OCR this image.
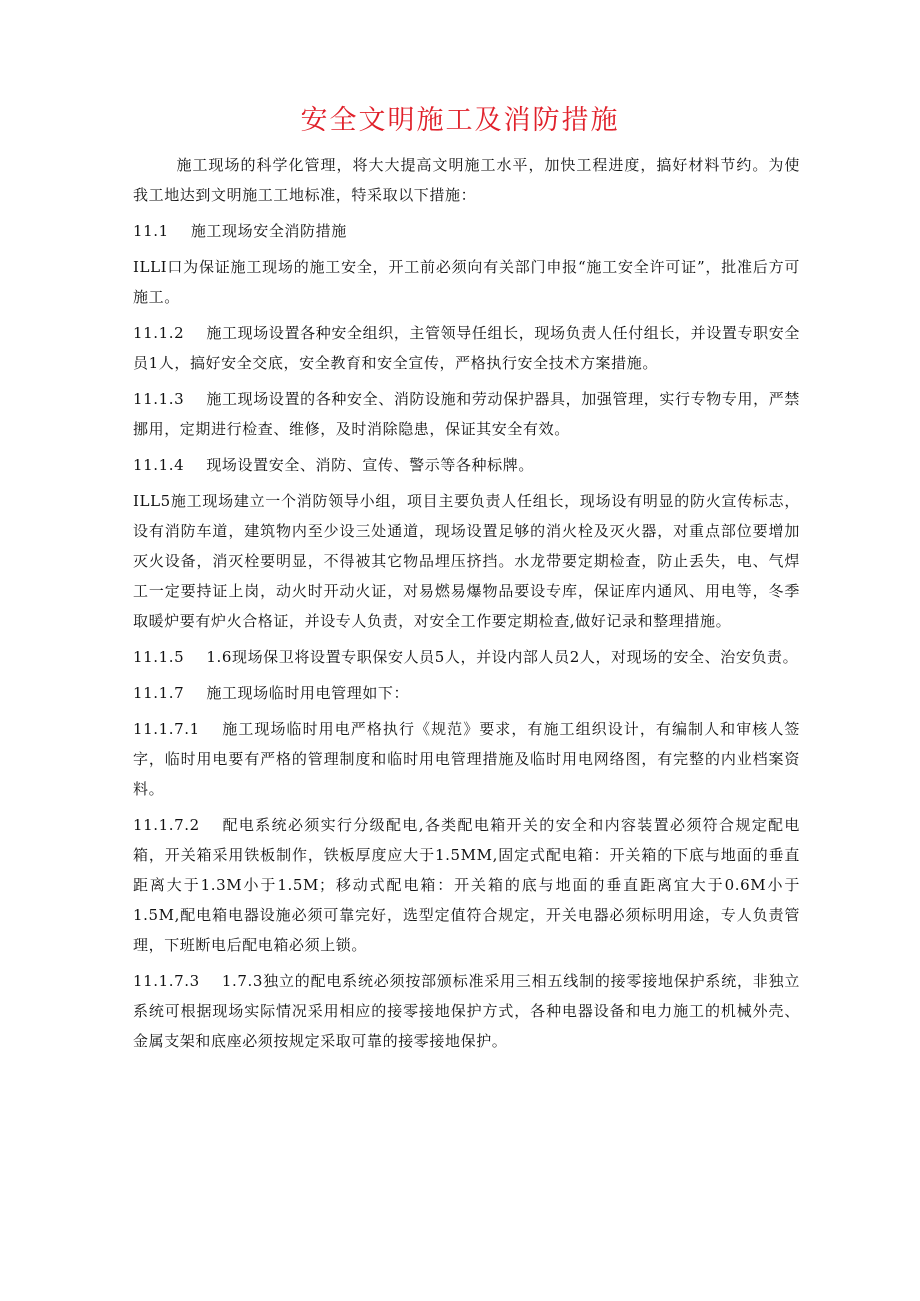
安全文明施工及消防措施

施工现场的科学化管理，将大大提高文明施工水平，加快工程进度，搞好材料节约。为使我工地达到文明施工工地标准，特采取以下措施：

11.1 施工现场安全消防措施

ILLI口为保证施工现场的施工安全，开工前必须向有关部门申报“施工安全许可证”，批准后方可施工。

11.1.2 施工现场设置各种安全组织，主管领导任组长，现场负责人任付组长，并设置专职安全员1人，搞好安全交底，安全教育和安全宣传，严格执行安全技术方案措施。

11.1.3 施工现场设置的各种安全、消防设施和劳动保护器具，加强管理，实行专物专用，严禁挪用，定期进行检查、维修，及时消除隐患，保证其安全有效。

11.1.4 现场设置安全、消防、宣传、警示等各种标牌。

ILL5施工现场建立一个消防领导小组，项目主要负责人任组长，现场设有明显的防火宣传标志，设有消防车道，建筑物内至少设三处通道，现场设置足够的消火栓及灭火器，对重点部位要增加灭火设备，消灭栓要明显，不得被其它物品埋压挤挡。水龙带要定期检查，防止丢失，电、气焊工一定要持证上岗，动火时开动火证，对易燃易爆物品要设专库，保证库内通风、用电等，冬季取暖炉要有炉火合格证，并设专人负责，对安全工作要定期检查,做好记录和整理措施。

11.1.5 1.6现场保卫将设置专职保安人员5人，并设内部人员2人，对现场的安全、治安负责。

11.1.7 施工现场临时用电管理如下：

11.1.7.1 施工现场临时用电严格执行《规范》要求，有施工组织设计，有编制人和审核人签字，临时用电要有严格的管理制度和临时用电管理措施及临时用电网络图，有完整的内业档案资料。

11.1.7.2 配电系统必须实行分级配电,各类配电箱开关的安全和内容装置必须符合规定配电箱，开关箱采用铁板制作，铁板厚度应大于1.5MM,固定式配电箱：开关箱的下底与地面的垂直距离大于1.3M小于1.5M；移动式配电箱：开关箱的底与地面的垂直距离宜大于0.6M小于1.5M,配电箱电器设施必须可靠完好，选型定值符合规定，开关电器必须标明用途，专人负责管理，下班断电后配电箱必须上锁。

11.1.7.3 1.7.3独立的配电系统必须按部颁标准采用三相五线制的接零接地保护系统，非独立系统可根据现场实际情况采用相应的接零接地保护方式，各种电器设备和电力施工的机械外壳、金属支架和底座必须按规定采取可靠的接零接地保护。
